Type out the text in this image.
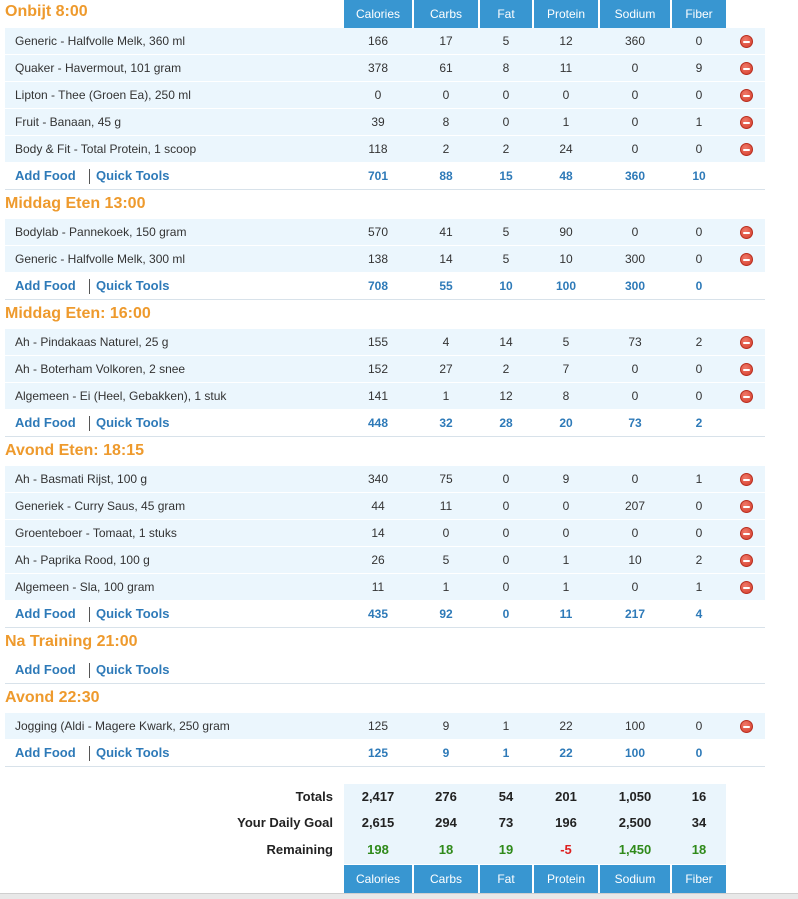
Calories	Carbs	Fat	Protein	Sodium	Fiber
Onbijt 8:00
Generic - Halfvolle Melk, 360 ml	166	17	5	12	360	0
Quaker - Havermout, 101 gram	378	61	8	11	0	9
Lipton - Thee (Groen Ea), 250 ml	0	0	0	0	0	0
Fruit - Banaan, 45 g	39	8	0	1	0	1
Body & Fit - Total Protein, 1 scoop	118	2	2	24	0	0
Add Food Quick Tools	701	88	15	48	360	10
Middag Eten 13:00
Bodylab - Pannekoek, 150 gram	570	41	5	90	0	0
Generic - Halfvolle Melk, 300 ml	138	14	5	10	300	0
Add Food Quick Tools	708	55	10	100	300	0
Middag Eten: 16:00
Ah - Pindakaas Naturel, 25 g	155	4	14	5	73	2
Ah - Boterham Volkoren, 2 snee	152	27	2	7	0	0
Algemeen - Ei (Heel, Gebakken), 1 stuk	141	1	12	8	0	0
Add Food Quick Tools	448	32	28	20	73	2
Avond Eten: 18:15
Ah - Basmati Rijst, 100 g	340	75	0	9	0	1
Generiek - Curry Saus, 45 gram	44	11	0	0	207	0
Groenteboer - Tomaat, 1 stuks	14	0	0	0	0	0
Ah - Paprika Rood, 100 g	26	5	0	1	10	2
Algemeen - Sla, 100 gram	11	1	0	1	0	1
Add Food Quick Tools	435	92	0	11	217	4
Na Training 21:00
Add Food Quick Tools
Avond 22:30
Jogging (Aldi - Magere Kwark, 250 gram	125	9	1	22	100	0
Add Food Quick Tools	125	9	1	22	100	0
Totals	2,417	276	54	201	1,050	16
Your Daily Goal	2,615	294	73	196	2,500	34
Remaining	198	18	19	-5	1,450	18
Calories	Carbs	Fat	Protein	Sodium	Fiber
